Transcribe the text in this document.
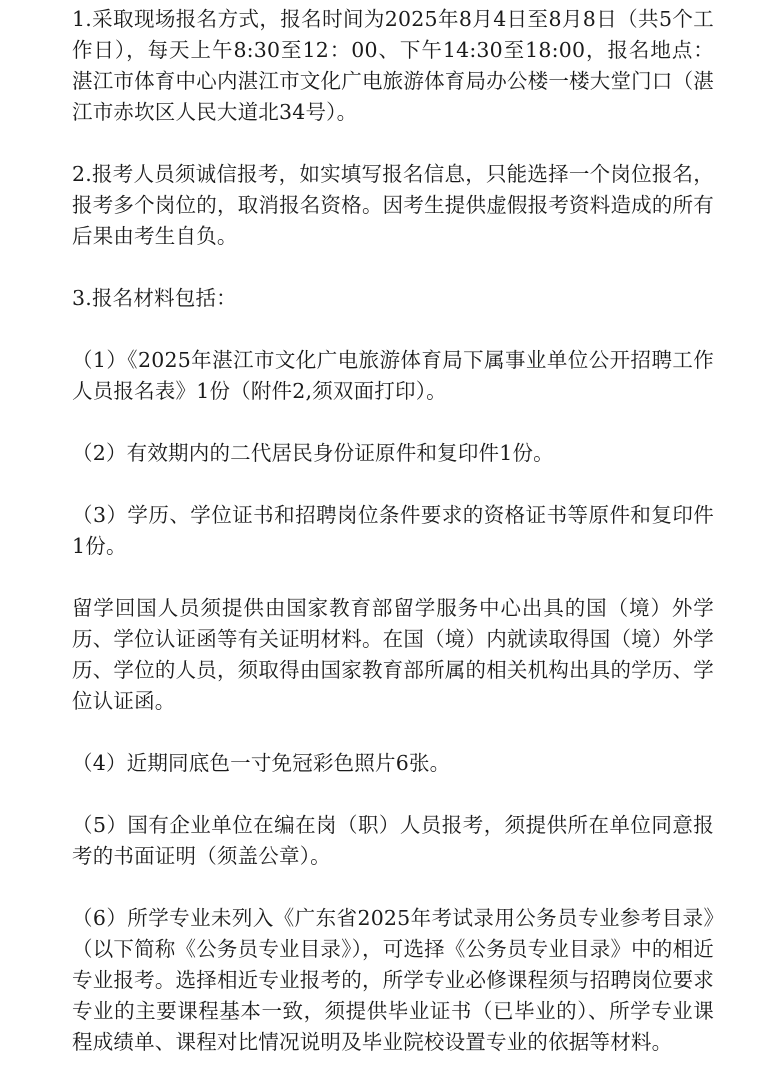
1.采取现场报名方式，报名时间为2025年8月4日至8月8日（共5个工作日），每天上午8:30至12：00、下午14:30至18:00，报名地点：湛江市体育中心内湛江市文化广电旅游体育局办公楼一楼大堂门口（湛江市赤坎区人民大道北34号）。

2.报考人员须诚信报考，如实填写报名信息，只能选择一个岗位报名，报考多个岗位的，取消报名资格。因考生提供虚假报考资料造成的所有后果由考生自负。

3.报名材料包括：

（1）《2025年湛江市文化广电旅游体育局下属事业单位公开招聘工作人员报名表》1份（附件2,须双面打印）。

（2）有效期内的二代居民身份证原件和复印件1份。

（3）学历、学位证书和招聘岗位条件要求的资格证书等原件和复印件1份。

留学回国人员须提供由国家教育部留学服务中心出具的国（境）外学历、学位认证函等有关证明材料。在国（境）内就读取得国（境）外学历、学位的人员，须取得由国家教育部所属的相关机构出具的学历、学位认证函。

（4）近期同底色一寸免冠彩色照片6张。

（5）国有企业单位在编在岗（职）人员报考，须提供所在单位同意报考的书面证明（须盖公章）。

（6）所学专业未列入《广东省2025年考试录用公务员专业参考目录》（以下简称《公务员专业目录》），可选择《公务员专业目录》中的相近专业报考。选择相近专业报考的，所学专业必修课程须与招聘岗位要求专业的主要课程基本一致，须提供毕业证书（已毕业的）、所学专业课程成绩单、课程对比情况说明及毕业院校设置专业的依据等材料。
